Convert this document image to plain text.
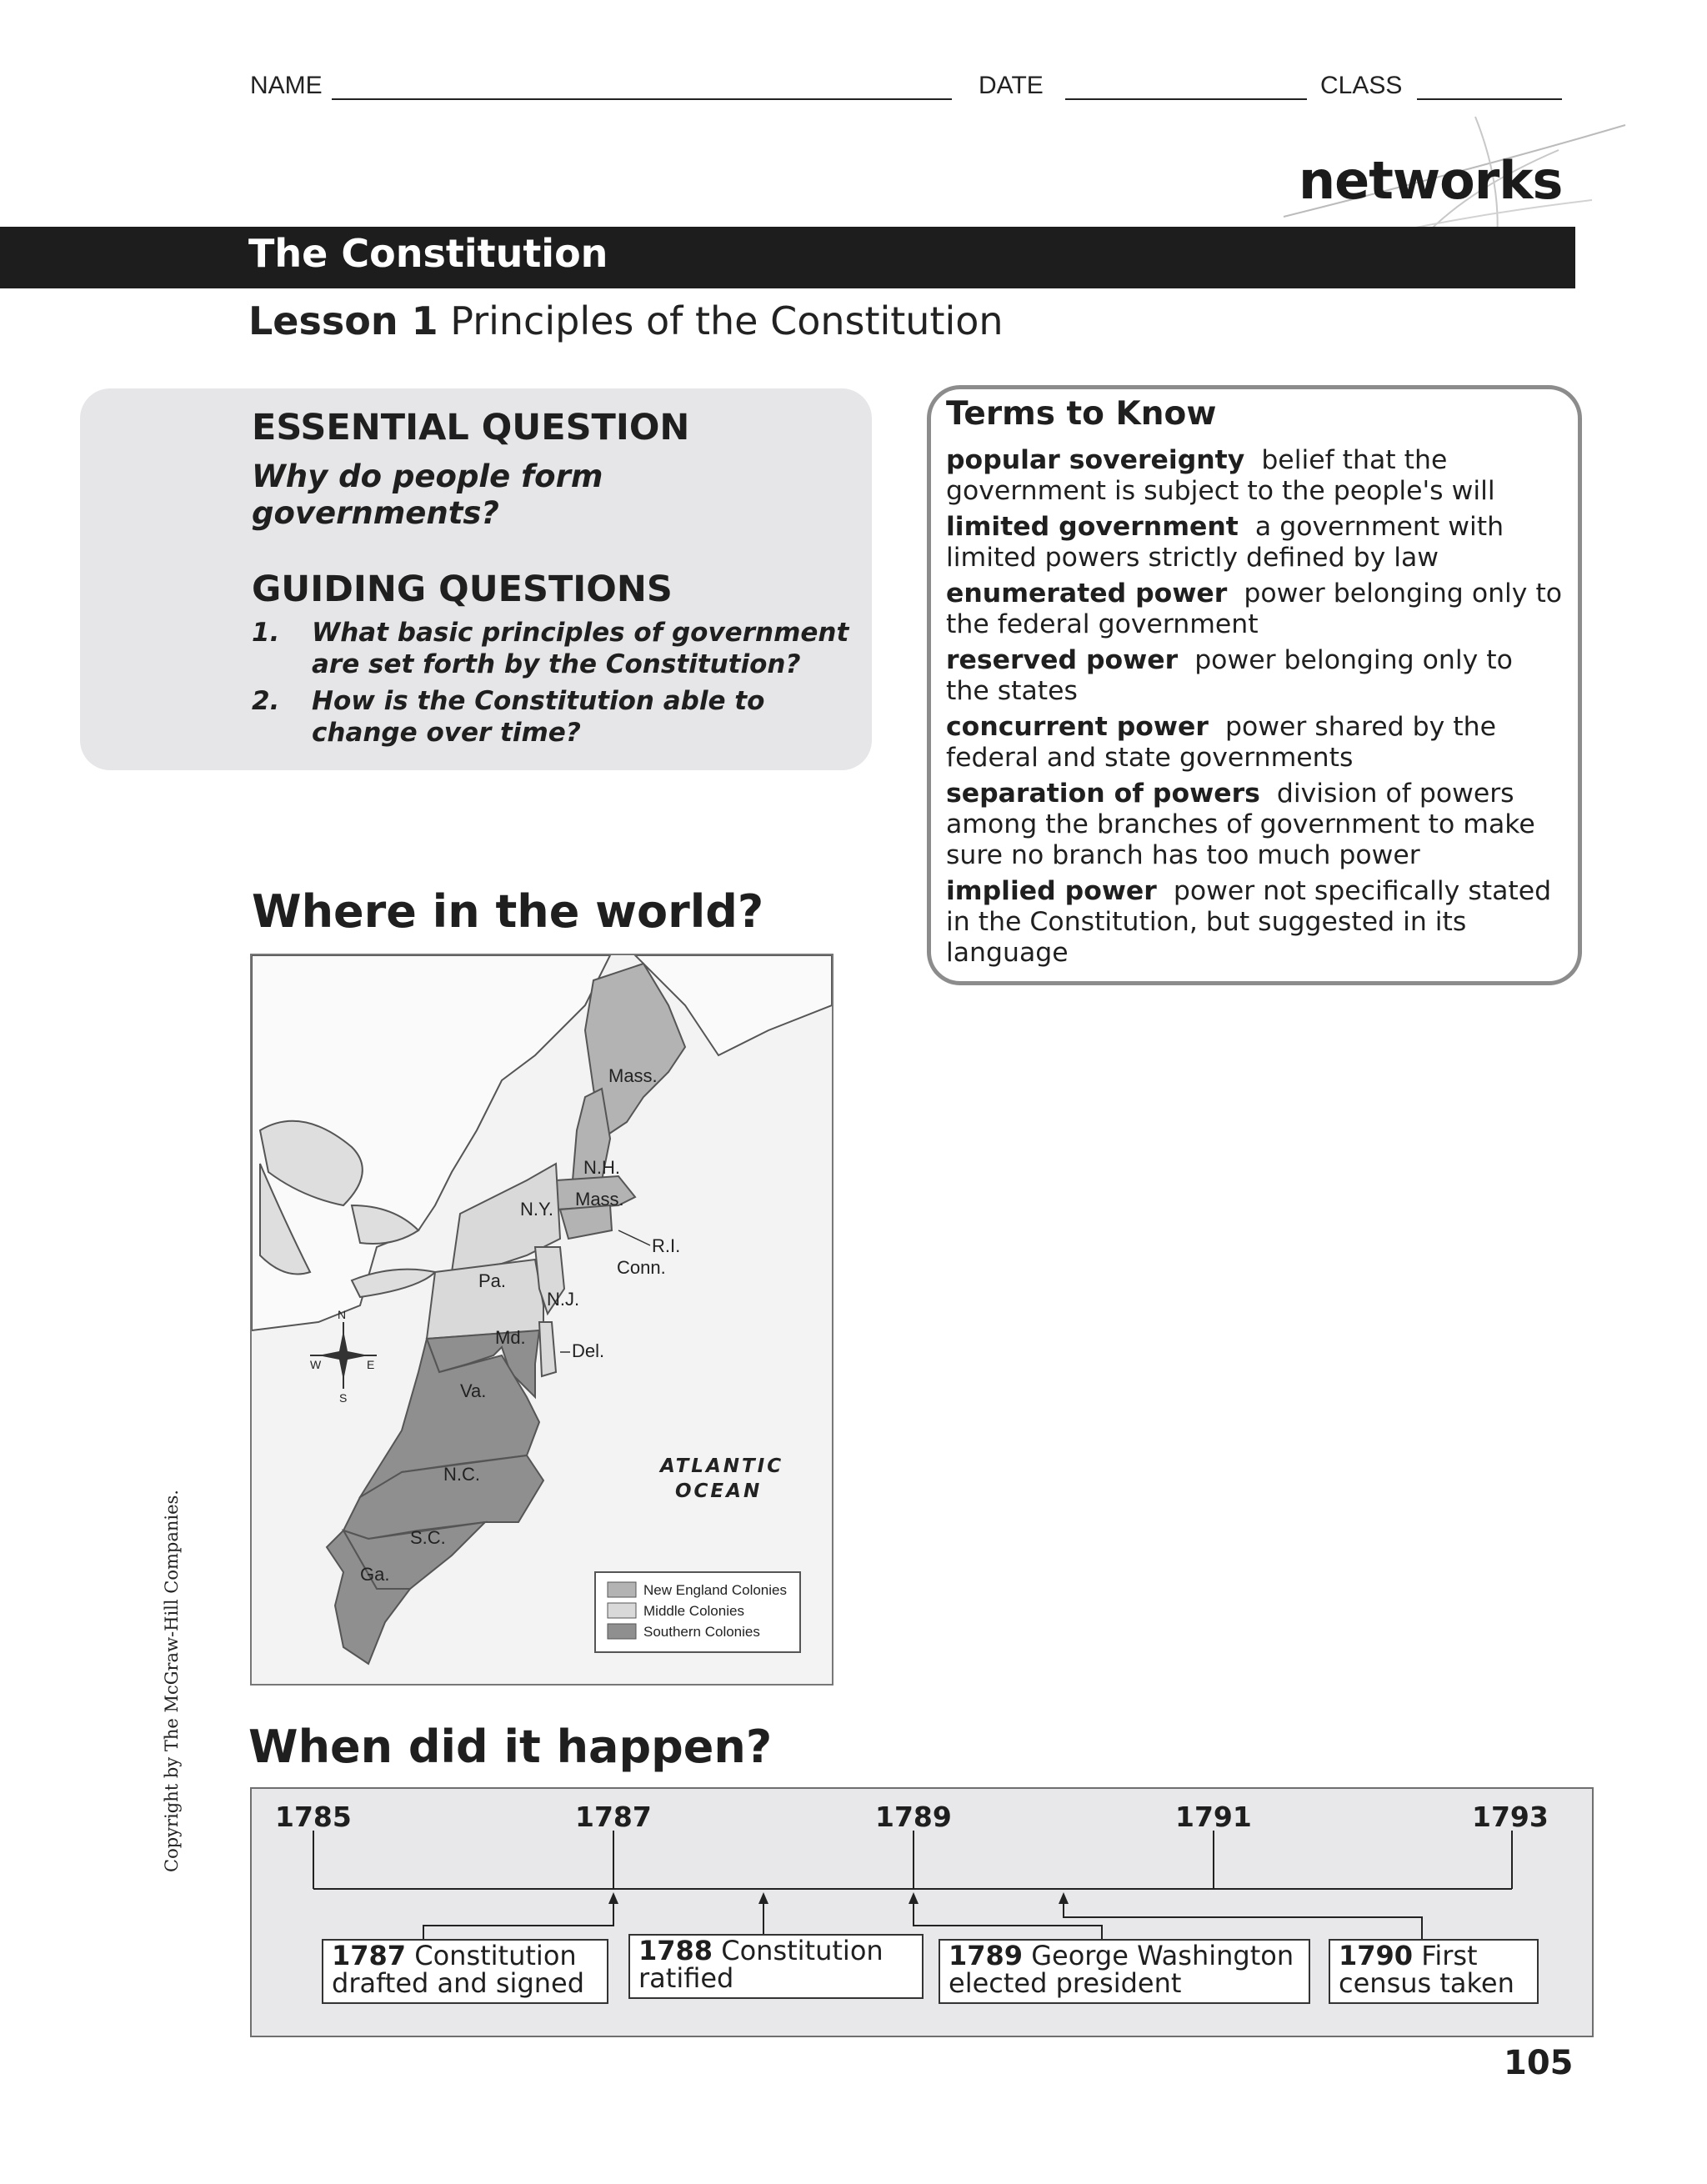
NAME	DATE	CLASS
networks
The Constitution
Lesson 1 Principles of the Constitution
ESSENTIAL QUESTION
Why do people form governments?
GUIDING QUESTIONS
1. What basic principles of government are set forth by the Constitution?
2. How is the Constitution able to change over time?
Terms to Know
popular sovereignty belief that the government is subject to the people's will
limited government a government with limited powers strictly defined by law
enumerated power power belonging only to the federal government
reserved power power belonging only to the states
concurrent power power shared by the federal and state governments
separation of powers division of powers among the branches of government to make sure no branch has too much power
implied power power not specifically stated in the Constitution, but suggested in its language
Where in the world?
Mass.
N.H.
Mass.
N.Y.
R.I.
Conn.
Pa.
N.J.
Md.
Del.
Va.
N.C.
S.C.
Ga.
N
S
E
W
ATLANTIC
OCEAN
New England Colonies
Middle Colonies
Southern Colonies
When did it happen?
1785	1787	1789	1791	1793
1787 Constitution
drafted and signed
1788 Constitution
ratified
1789 George Washington
elected president
1790 First
census taken
Copyright by The McGraw-Hill Companies.
105
